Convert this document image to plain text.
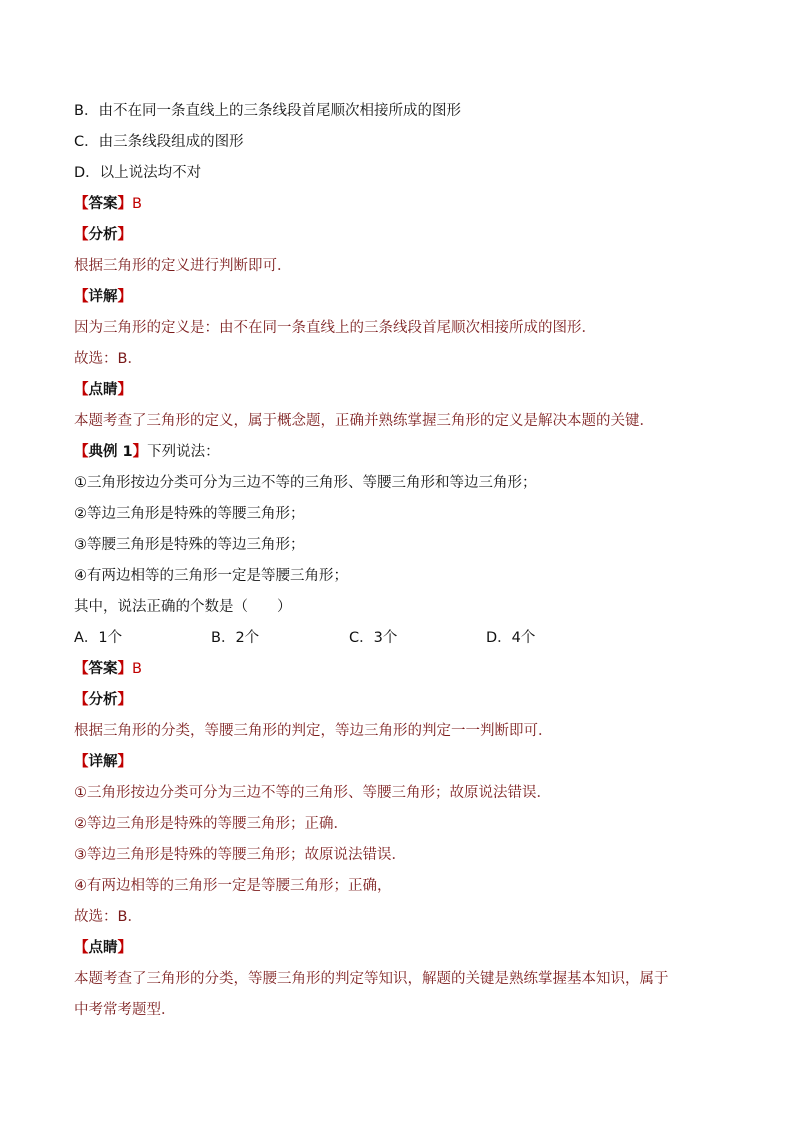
B．由不在同一条直线上的三条线段首尾顺次相接所成的图形
C．由三条线段组成的图形
D．以上说法均不对
【答案】B
【分析】
根据三角形的定义进行判断即可．
【详解】
因为三角形的定义是：由不在同一条直线上的三条线段首尾顺次相接所成的图形．
故选：B．
【点睛】
本题考查了三角形的定义，属于概念题，正确并熟练掌握三角形的定义是解决本题的关键．
【典例 1】下列说法：
①三角形按边分类可分为三边不等的三角形、等腰三角形和等边三角形；
②等边三角形是特殊的等腰三角形；
③等腰三角形是特殊的等边三角形；
④有两边相等的三角形一定是等腰三角形；
其中，说法正确的个数是（　　）
A．1个	B．2个	C．3个	D．4个
【答案】B
【分析】
根据三角形的分类，等腰三角形的判定，等边三角形的判定一一判断即可．
【详解】
①三角形按边分类可分为三边不等的三角形、等腰三角形；故原说法错误．
②等边三角形是特殊的等腰三角形；正确．
③等边三角形是特殊的等腰三角形；故原说法错误．
④有两边相等的三角形一定是等腰三角形；正确，
故选：B．
【点睛】
本题考查了三角形的分类，等腰三角形的判定等知识，解题的关键是熟练掌握基本知识，属于
中考常考题型．
